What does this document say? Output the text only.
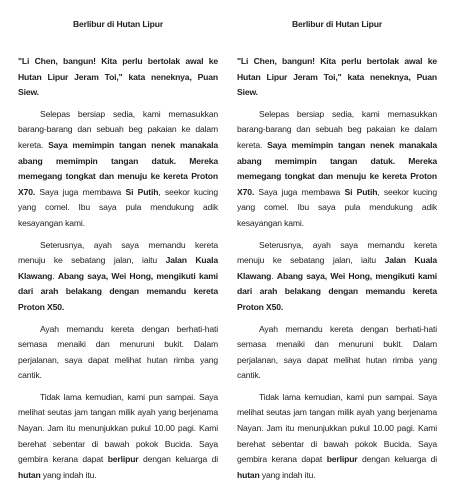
Berlibur di Hutan Lipur

"Li Chen, bangun! Kita perlu bertolak awal ke Hutan Lipur Jeram Toi," kata neneknya, Puan Siew.

Selepas bersiap sedia, kami memasukkan barang-barang dan sebuah beg pakaian ke dalam kereta. Saya memimpin tangan nenek manakala abang memimpin tangan datuk. Mereka memegang tongkat dan menuju ke kereta Proton X70. Saya juga membawa Si Putih, seekor kucing yang comel. Ibu saya pula mendukung adik kesayangan kami.

Seterusnya, ayah saya memandu kereta menuju ke sebatang jalan, iaitu Jalan Kuala Klawang. Abang saya, Wei Hong, mengikuti kami dari arah belakang dengan memandu kereta Proton X50.

Ayah memandu kereta dengan berhati-hati semasa menaiki dan menuruni bukit. Dalam perjalanan, saya dapat melihat hutan rimba yang cantik.

Tidak lama kemudian, kami pun sampai. Saya melihat seutas jam tangan milik ayah yang berjenama Nayan. Jam itu menunjukkan pukul 10.00 pagi. Kami berehat sebentar di bawah pokok Bucida. Saya gembira kerana dapat berlipur dengan keluarga di hutan yang indah itu.

Berlibur di Hutan Lipur

"Li Chen, bangun! Kita perlu bertolak awal ke Hutan Lipur Jeram Toi," kata neneknya, Puan Siew.

Selepas bersiap sedia, kami memasukkan barang-barang dan sebuah beg pakaian ke dalam kereta. Saya memimpin tangan nenek manakala abang memimpin tangan datuk. Mereka memegang tongkat dan menuju ke kereta Proton X70. Saya juga membawa Si Putih, seekor kucing yang comel. Ibu saya pula mendukung adik kesayangan kami.

Seterusnya, ayah saya memandu kereta menuju ke sebatang jalan, iaitu Jalan Kuala Klawang. Abang saya, Wei Hong, mengikuti kami dari arah belakang dengan memandu kereta Proton X50.

Ayah memandu kereta dengan berhati-hati semasa menaiki dan menuruni bukit. Dalam perjalanan, saya dapat melihat hutan rimba yang cantik.

Tidak lama kemudian, kami pun sampai. Saya melihat seutas jam tangan milik ayah yang berjenama Nayan. Jam itu menunjukkan pukul 10.00 pagi. Kami berehat sebentar di bawah pokok Bucida. Saya gembira kerana dapat berlipur dengan keluarga di hutan yang indah itu.
